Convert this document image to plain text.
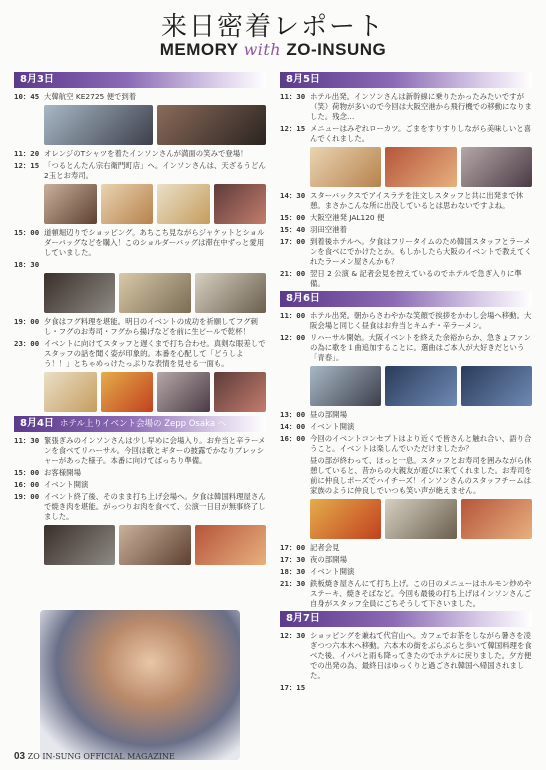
来日密着レポート
MEMORY with ZO-INSUNG
8月3日
10：45 大韓航空 KE2725 便で到着
11：20 オレンジのTシャツを着たインソンさんが満面の笑みで登場！
12：15 「つるとんたん宗右衛門町店」へ。インソンさんは、天ざるうどん2玉とお寿司。
15：00 道頓堀辺りでショッピング。あちこち見ながらジャケットとショルダーバッグなどを購入！このショルダーバッグは滞在中ずっと愛用していました。
18：30
19：00 夕食はフグ料理を堪能。明日のイベントの成功を祈願してフグ刺し・フグのお寿司・フグから揚げなどを前に生ビールで乾杯！
23：00 イベントに向けてスタッフと遅くまで打ち合わせ。真剣な眼差しでスタッフの話を聞く姿が印象的。本番を心配して「どうしよう！！」とちゃめっけたっぷりな表情を見せる一面も。
8月4日 ホテル上りイベント会場の Zepp Osaka へ
11：30 緊張ぎみのインソンさんは少し早めに会場入り。お弁当と辛ラーメンを食べてリハーサル。今回は歌とギターの披露でかなりプレッシャーがあった様子。本番に向けてばっちり準備。
15：00 お客様開場
16：00 イベント開演
19：00 イベント終了後、そのまま打ち上げ会場へ。夕食は韓国料理屋さんで焼き肉を堪能。がっつりお肉を食べて、公演一日目が無事終了しました。
8月5日
11：30 ホテル出発。インソンさんは新幹線に乗りたかったみたいですが（笑）荷物が多いので今回は大阪空港から飛行機での移動になりました。残念…
12：15 メニューはみぞれローカツ。ごまをすりすりしながら美味しいと喜んでくれました。
14：30 スターバックスでアイスラテを注文しスタッフと共に出発まで休憩。まさかこんな所に出没しているとは思わないですよね。
15：00 大阪空港発 JAL120 便
15：40 羽田空港着
17：00 到着後ホテルへ。夕食はフリータイムのため韓国スタッフとラーメンを食べにでかけたとか。もしかしたら大阪のイベントで教えてくれたラーメン屋さんかも？
21：00 翌日 2 公演 & 記者会見を控えているのでホテルで急ぎ入りに準備。
8月6日
11：00 ホテル出発。朝からさわやかな笑顔で挨拶をかわし会場へ移動。大阪会場と同じく昼食はお弁当とキムチ・辛ラーメン。
12：00 リハーサル開始。大阪イベントを終えた余裕からか、急きょファンの為に歌を１曲追加することに。選曲はご本人が大好きだという「青春」。
13：00 昼の部開場
14：00 イベント開演
16：00 今回のイベントコンセプトはより近くで皆さんと触れ合い、語り合うこと。イベントは楽しんでいただけましたか？
昼の部が終わって、ほっと一息。スタッフとお寿司を囲みながら休憩していると、昔からの大親友が遊びに来てくれました。お寿司を前に仲良しポーズでハイチーズ！インソンさんのスタッフチームは家族のように仲良しでいつも笑い声が絶えません。
17：00 記者会見
17：30 夜の部開場
18：30 イベント開演
21：30 鉄板焼き屋さんにて打ち上げ。この日のメニューはホルモン炒めやステーキ、焼きそばなど。今回も最後の打ち上げはインソンさんご自身がスタッフ全員にごちそうして下さいました。
8月7日
12：30 ショッピングを兼ねて代官山へ。カフェでお茶をしながら暑さを凌ぎつつ六本木へ移動。六本木の街をぶらぶらと歩いて韓国料理を食べた後、イパパと雨も降ってきたのでホテルに戻りました。夕方便での出発の為、最終日はゆっくりと過ごされ韓国へ帰国されました。
17：15
03 ZO IN-SUNG OFFICIAL MAGAZINE
